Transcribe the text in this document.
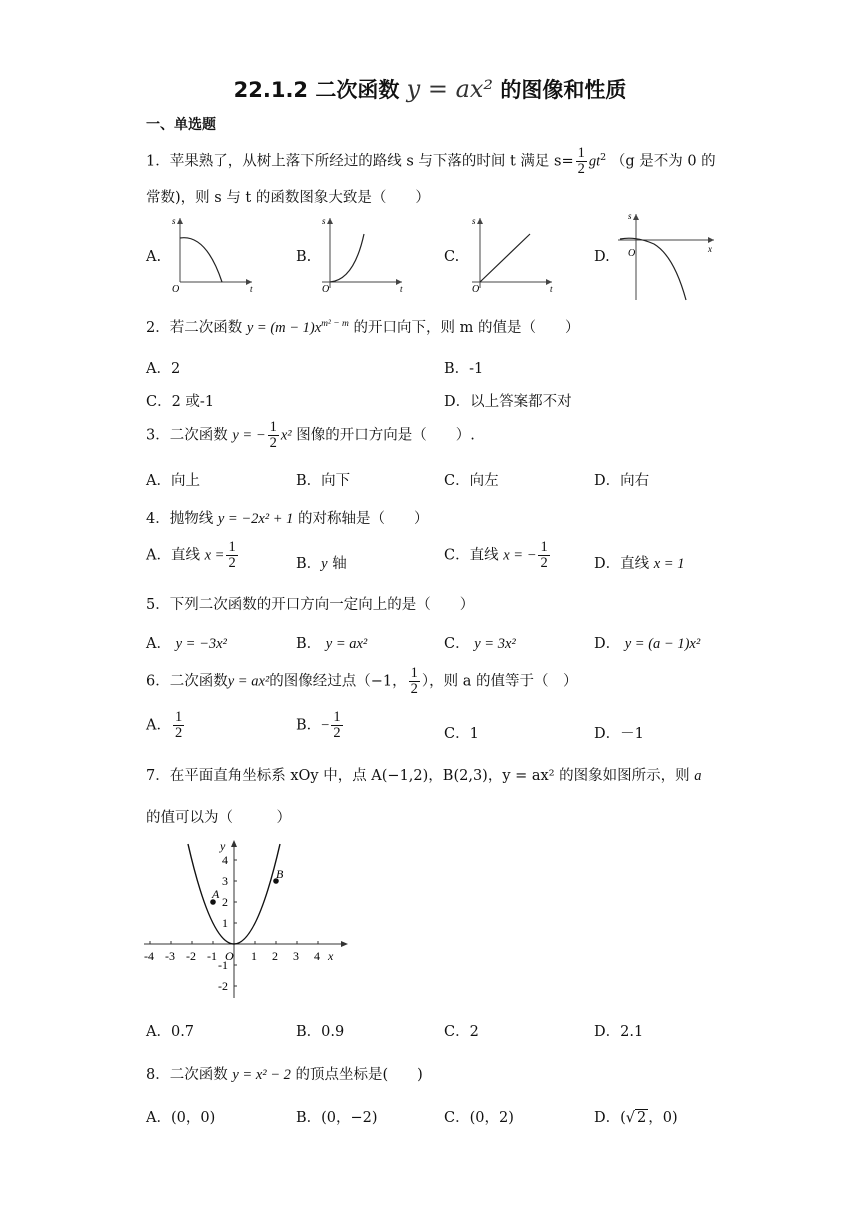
22.1.2 二次函数 y = ax² 的图像和性质
一、单选题
1．苹果熟了，从树上落下所经过的路线 s 与下落的时间 t 满足 $s= \frac{1}{2} gt^2$ （g 是不为 0 的
常数)，则 s 与 t 的函数图象大致是（　　）
A.	B.	C.	D.
s
O	t
s
O	t
s
O	t
s
O	x
2．若二次函数 $y = (m - 1)x^{m^2 - m}$ 的开口向下，则 m 的值是（　　）
A．2	B．-1
C．2 或-1	D．以上答案都不对
3．二次函数 y = − $\frac{1}{2} x^2$ 图像的开口方向是（　　）.
A．向上	B．向下	C．向左	D．向右
4．抛物线 y = −2x² + 1 的对称轴是（　　）
A．直线 $x = \frac{1}{2}$	B．y 轴
C．直线 x = − $\frac{1}{2}$	D．直线 x = 1
5．下列二次函数的开口方向一定向上的是（　　）
A． y = −3x²	B． y = ax²	C． y = 3x²	D． y = (a − 1)x²
6．二次函数y = ax²的图像经过点（−1， $\frac{1}{2}$ ），则 a 的值等于（　）
A． $\frac{1}{2}$	B．− $\frac{1}{2}$	C．1	D．－1
7．在平面直角坐标系 xOy 中，点 A(−1,2)，B(2,3)，y = ax² 的图象如图所示，则 a
的值可以为（　　　）
A
B
y
x
-4 -3 -2 -1 O 1 2 3 4
4
3
2
1
-1
-2
A．0.7	B．0.9	C．2	D．2.1
8．二次函数 y = x² − 2 的顶点坐标是(　　)
A．(0，0)	B．(0，−2)	C．(0，2)	D．(√ 2 ，0)
